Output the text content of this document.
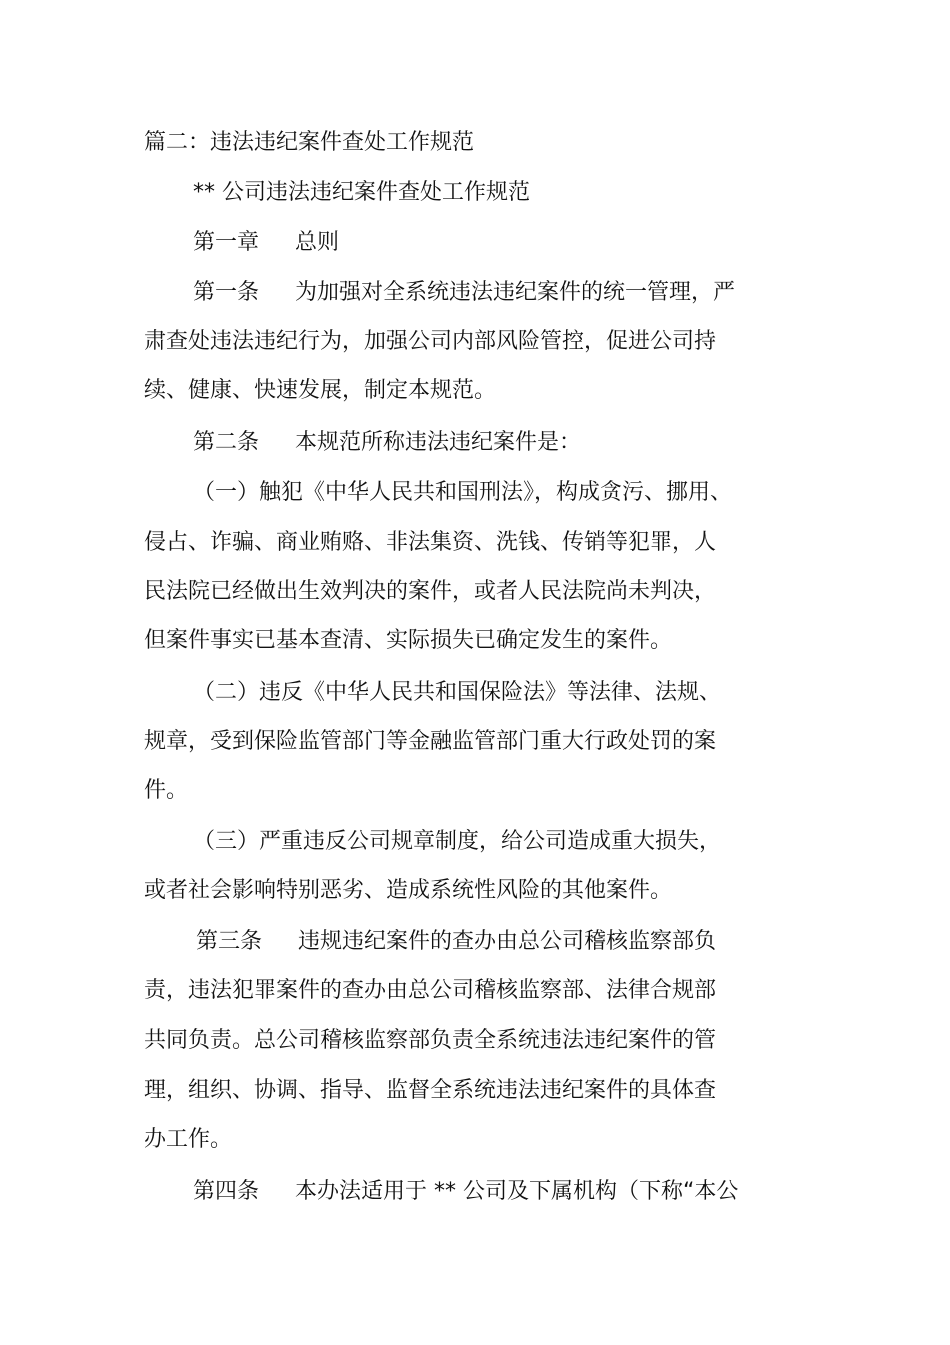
篇二：违法违纪案件查处工作规范
** 公司违法违纪案件查处工作规范
第一章 总则
第一条 为加强对全系统违法违纪案件的统一管理，严
肃查处违法违纪行为，加强公司内部风险管控，促进公司持
续、健康、快速发展，制定本规范。
第二条 本规范所称违法违纪案件是：
（一）触犯《中华人民共和国刑法》，构成贪污、挪用、
侵占、诈骗、商业贿赂、非法集资、洗钱、传销等犯罪，人
民法院已经做出生效判决的案件，或者人民法院尚未判决，
但案件事实已基本查清、实际损失已确定发生的案件。
（二）违反《中华人民共和国保险法》等法律、法规、
规章，受到保险监管部门等金融监管部门重大行政处罚的案
件。
（三）严重违反公司规章制度，给公司造成重大损失，
或者社会影响特别恶劣、造成系统性风险的其他案件。
第三条 违规违纪案件的查办由总公司稽核监察部负
责，违法犯罪案件的查办由总公司稽核监察部、法律合规部
共同负责。总公司稽核监察部负责全系统违法违纪案件的管
理，组织、协调、指导、监督全系统违法违纪案件的具体查
办工作。
第四条 本办法适用于 ** 公司及下属机构（下称“本公
